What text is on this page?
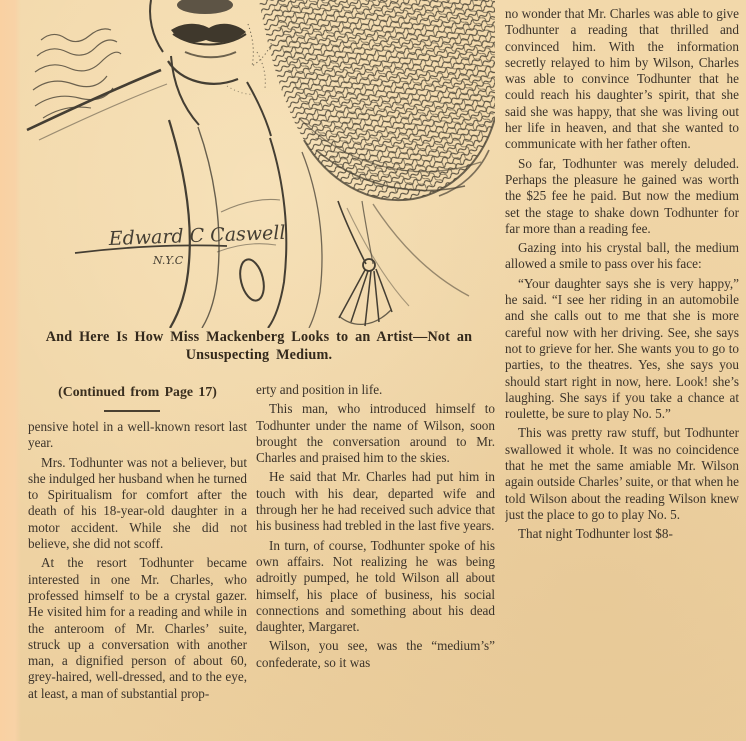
Edward C Caswell
N.Y.C
And Here Is How Miss Mackenberg Looks to an Artist—Not an Unsuspecting Medium.
(Continued from Page 17)

pensive hotel in a well-known resort last year.

Mrs. Todhunter was not a believer, but she indulged her husband when he turned to Spiritualism for comfort after the death of his 18-year-old daughter in a motor accident. While she did not believe, she did not scoff.

At the resort Todhunter became interested in one Mr. Charles, who professed himself to be a crystal gazer. He visited him for a reading and while in the anteroom of Mr. Charles’ suite, struck up a conversation with another man, a dignified person of about 60, grey-haired, well-dressed, and to the eye, at least, a man of substantial prop-

erty and position in life.

This man, who introduced himself to Todhunter under the name of Wilson, soon brought the conversation around to Mr. Charles and praised him to the skies.

He said that Mr. Charles had put him in touch with his dear, departed wife and through her he had received such advice that his business had trebled in the last five years.

In turn, of course, Todhunter spoke of his own affairs. Not realizing he was being adroitly pumped, he told Wilson all about himself, his place of business, his social connections and something about his dead daughter, Margaret.

Wilson, you see, was the “medium’s” confederate, so it was

no wonder that Mr. Charles was able to give Todhunter a reading that thrilled and convinced him. With the information secretly relayed to him by Wilson, Charles was able to convince Todhunter that he could reach his daughter’s spirit, that she said she was happy, that she was living out her life in heaven, and that she wanted to communicate with her father often.

So far, Todhunter was merely deluded. Perhaps the pleasure he gained was worth the $25 fee he paid. But now the medium set the stage to shake down Todhunter for far more than a reading fee.

Gazing into his crystal ball, the medium allowed a smile to pass over his face:

“Your daughter says she is very happy,” he said. “I see her riding in an automobile and she calls out to me that she is more careful now with her driving. See, she says not to grieve for her. She wants you to go to parties, to the theatres. Yes, she says you should start right in now, here. Look! she’s laughing. She says if you take a chance at roulette, be sure to play No. 5.”

This was pretty raw stuff, but Todhunter swallowed it whole. It was no coincidence that he met the same amiable Mr. Wilson again outside Charles’ suite, or that when he told Wilson about the reading Wilson knew just the place to go to play No. 5.

That night Todhunter lost $8-
